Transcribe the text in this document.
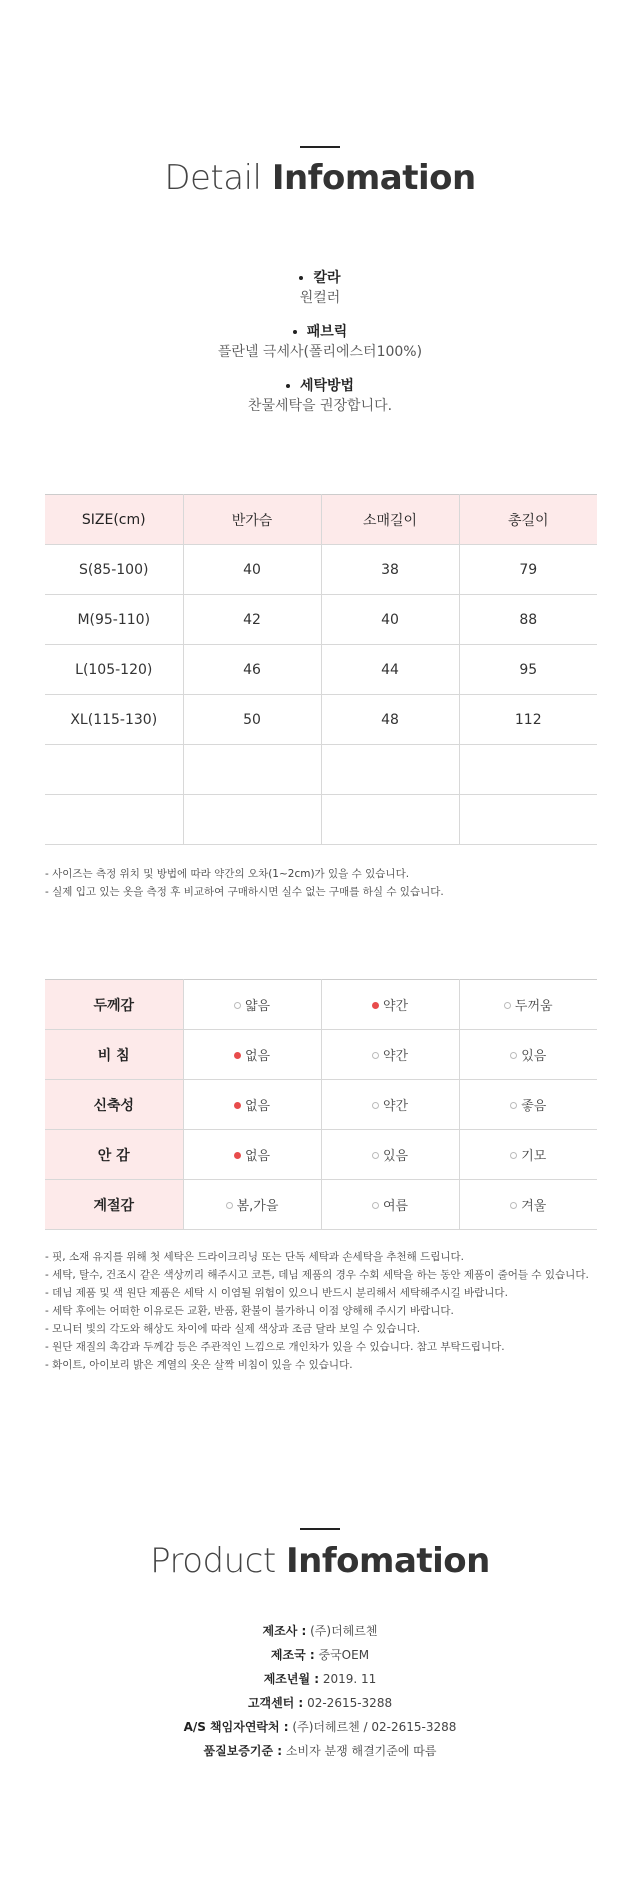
Detail Infomation
칼라
원컬러
패브릭
플란넬 극세사(폴리에스터100%)
세탁방법
찬물세탁을 권장합니다.
SIZE(cm)	반가슴	소매길이	총길이
S(85-100)	40	38	79
M(95-110)	42	40	88
L(105-120)	46	44	95
XL(115-130)	50	48	112

- 사이즈는 측정 위치 및 방법에 따라 약간의 오차(1~2cm)가 있을 수 있습니다.
- 실제 입고 있는 옷을 측정 후 비교하여 구매하시면 실수 없는 구매를 하실 수 있습니다.
두께감	얇음	약간	두꺼움
비 침	없음	약간	있음
신축성	없음	약간	좋음
안 감	없음	있음	기모
계절감	봄,가을	여름	겨울
- 핏, 소재 유지를 위해 첫 세탁은 드라이크리닝 또는 단독 세탁과 손세탁을 추천해 드립니다.
- 세탁, 탈수, 건조시 같은 색상끼리 해주시고 코튼, 데님 제품의 경우 수회 세탁을 하는 동안 제품이 줄어들 수 있습니다.
- 데님 제품 및 색 원단 제품은 세탁 시 이염될 위험이 있으니 반드시 분리해서 세탁해주시길 바랍니다.
- 세탁 후에는 어떠한 이유로든 교환, 반품, 환불이 불가하니 이점 양해해 주시기 바랍니다.
- 모니터 빛의 각도와 해상도 차이에 따라 실제 색상과 조금 달라 보일 수 있습니다.
- 원단 재질의 촉감과 두께감 등은 주관적인 느낌으로 개인차가 있을 수 있습니다. 참고 부탁드립니다.
- 화이트, 아이보리 밝은 계열의 옷은 살짝 비침이 있을 수 있습니다.
Product Infomation
제조사 : (주)더헤르첸
제조국 : 중국OEM
제조년월 : 2019. 11
고객센터 : 02-2615-3288
A/S 책임자연락처 : (주)더헤르첸 / 02-2615-3288
품질보증기준 : 소비자 분쟁 해결기준에 따름
